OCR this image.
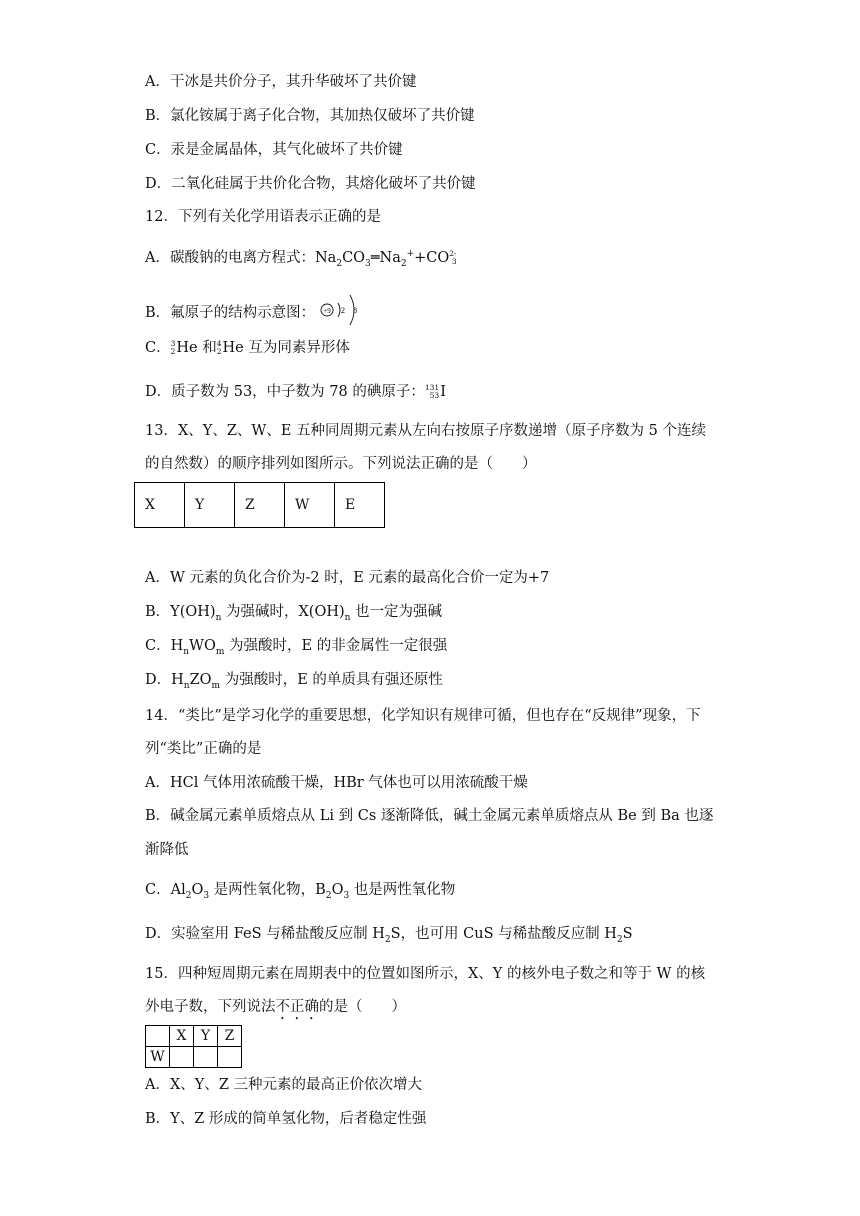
A．干冰是共价分子，其升华破坏了共价键
B．氯化铵属于离子化合物，其加热仅破坏了共价键
C．汞是金属晶体，其气化破坏了共价键
D．二氧化硅属于共价化合物，其熔化破坏了共价键
12．下列有关化学用语表示正确的是
A．碳酸钠的电离方程式：$Na_2CO_3═Na_2^++CO$ 2-
3
B．氟原子的结构示意图： +9 2 8
C． 3
2 He 和 4
2 He 互为同素异形体
D．质子数为 53，中子数为 78 的碘原子： 131
53 I
13．X、Y、Z、W、E 五种同周期元素从左向右按原子序数递增（原子序数为 5 个连续
的自然数）的顺序排列如图所示。下列说法正确的是（　　）
X	Y	Z	W	E
A．W 元素的负化合价为-2 时，E 元素的最高化合价一定为+7
B．$Y(OH)_n$ 为强碱时，$X(OH)_n$ 也一定为强碱
C．$H_nWO_m$ 为强酸时，E 的非金属性一定很强
D．$H_nZO_m$ 为强酸时，E 的单质具有强还原性
14．“类比”是学习化学的重要思想，化学知识有规律可循，但也存在“反规律”现象，下
列“类比”正确的是
A．HCl 气体用浓硫酸干燥，HBr 气体也可以用浓硫酸干燥
B．碱金属元素单质熔点从 Li 到 Cs 逐渐降低，碱土金属元素单质熔点从 Be 到 Ba 也逐
渐降低
C．$Al_2O_3$ 是两性氧化物，$B_2O_3$ 也是两性氧化物
D．实验室用 FeS 与稀盐酸反应制 $H_2S$，也可用 CuS 与稀盐酸反应制 $H_2S$
15．四种短周期元素在周期表中的位置如图所示，X、Y 的核外电子数之和等于 W 的核
外电子数，下列说法不正确的是（　　）
	X	Y	Z
W			
A．X、Y、Z 三种元素的最高正价依次增大
B．Y、Z 形成的简单氢化物，后者稳定性强
